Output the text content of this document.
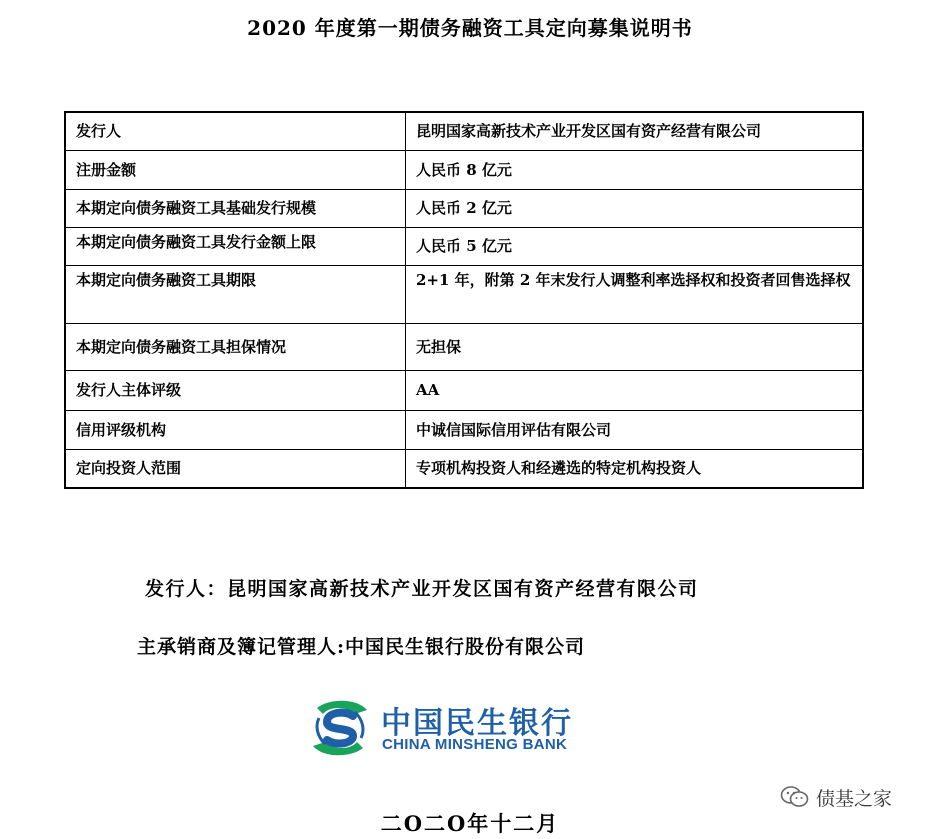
2020 年度第一期债务融资工具定向募集说明书
发行人	昆明国家高新技术产业开发区国有资产经营有限公司
注册金额	人民币 8 亿元
本期定向债务融资工具基础发行规模	人民币 2 亿元
本期定向债务融资工具发行金额上限	人民币 5 亿元
本期定向债务融资工具期限	2+1 年，附第 2 年末发行人调整利率选择权和投资者回售选择权
本期定向债务融资工具担保情况	无担保
发行人主体评级	AA
信用评级机构	中诚信国际信用评估有限公司
定向投资人范围	专项机构投资人和经遴选的特定机构投资人
发行人：昆明国家高新技术产业开发区国有资产经营有限公司
主承销商及簿记管理人:中国民生银行股份有限公司
中国民生银行
CHINA MINSHENG BANK
债基之家
二O二O年十二月
